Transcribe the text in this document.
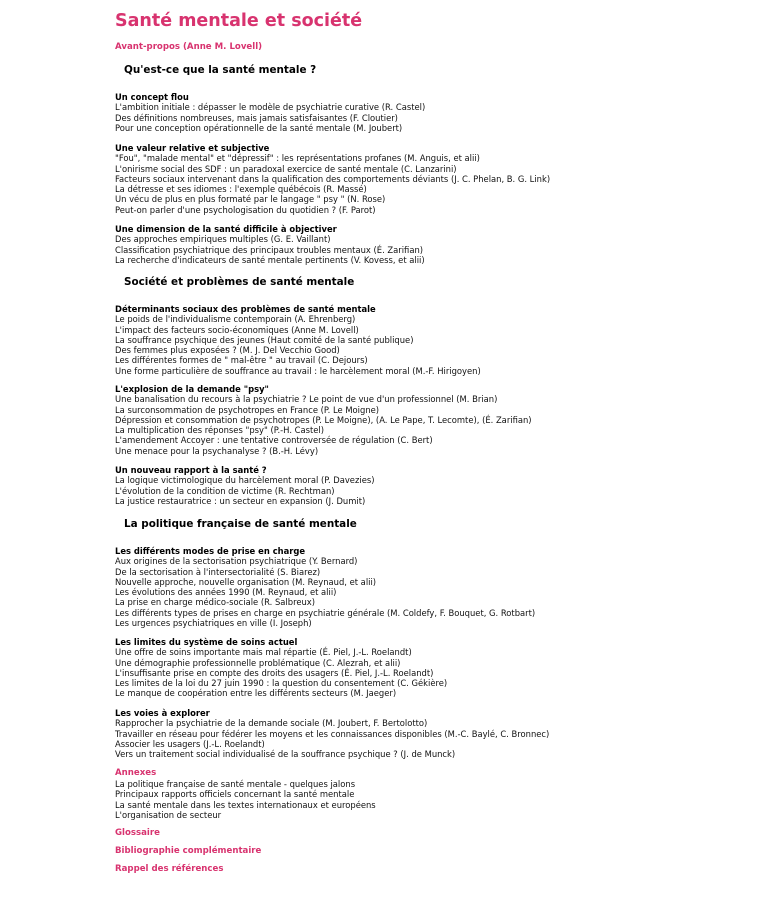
Santé mentale et société
Avant-propos (Anne M. Lovell)
Qu'est-ce que la santé mentale ?
Un concept flou
L'ambition initiale : dépasser le modèle de psychiatrie curative (R. Castel)
Des définitions nombreuses, mais jamais satisfaisantes (F. Cloutier)
Pour une conception opérationnelle de la santé mentale (M. Joubert)
Une valeur relative et subjective
"Fou", "malade mental" et "dépressif" : les représentations profanes (M. Anguis, et alii)
L'onirisme social des SDF : un paradoxal exercice de santé mentale (C. Lanzarini)
Facteurs sociaux intervenant dans la qualification des comportements déviants (J. C. Phelan, B. G. Link)
La détresse et ses idiomes : l'exemple québécois (R. Massé)
Un vécu de plus en plus formaté par le langage " psy " (N. Rose)
Peut-on parler d'une psychologisation du quotidien ? (F. Parot)
Une dimension de la santé difficile à objectiver
Des approches empiriques multiples (G. E. Vaillant)
Classification psychiatrique des principaux troubles mentaux (É. Zarifian)
La recherche d'indicateurs de santé mentale pertinents (V. Kovess, et alii)
Société et problèmes de santé mentale
Déterminants sociaux des problèmes de santé mentale
Le poids de l'individualisme contemporain (A. Ehrenberg)
L'impact des facteurs socio-économiques (Anne M. Lovell)
La souffrance psychique des jeunes (Haut comité de la santé publique)
Des femmes plus exposées ? (M. J. Del Vecchio Good)
Les différentes formes de " mal-être " au travail (C. Dejours)
Une forme particulière de souffrance au travail : le harcèlement moral (M.-F. Hirigoyen)
L'explosion de la demande "psy"
Une banalisation du recours à la psychiatrie ? Le point de vue d'un professionnel (M. Brian)
La surconsommation de psychotropes en France (P. Le Moigne)
Dépression et consommation de psychotropes (P. Le Moigne), (A. Le Pape, T. Lecomte), (É. Zarifian)
La multiplication des réponses "psy" (P.-H. Castel)
L'amendement Accoyer : une tentative controversée de régulation (C. Bert)
Une menace pour la psychanalyse ? (B.-H. Lévy)
Un nouveau rapport à la santé ?
La logique victimologique du harcèlement moral (P. Davezies)
L'évolution de la condition de victime (R. Rechtman)
La justice restauratrice : un secteur en expansion (J. Dumit)
La politique française de santé mentale
Les différents modes de prise en charge
Aux origines de la sectorisation psychiatrique (Y. Bernard)
De la sectorisation à l'intersectorialité (S. Biarez)
Nouvelle approche, nouvelle organisation (M. Reynaud, et alii)
Les évolutions des années 1990 (M. Reynaud, et alii)
La prise en charge médico-sociale (R. Salbreux)
Les différents types de prises en charge en psychiatrie générale (M. Coldefy, F. Bouquet, G. Rotbart)
Les urgences psychiatriques en ville (I. Joseph)
Les limites du système de soins actuel
Une offre de soins importante mais mal répartie (É. Piel, J.-L. Roelandt)
Une démographie professionnelle problématique (C. Alezrah, et alii)
L'insuffisante prise en compte des droits des usagers (É. Piel, J.-L. Roelandt)
Les limites de la loi du 27 juin 1990 : la question du consentement (C. Gékière)
Le manque de coopération entre les différents secteurs (M. Jaeger)
Les voies à explorer
Rapprocher la psychiatrie de la demande sociale (M. Joubert, F. Bertolotto)
Travailler en réseau pour fédérer les moyens et les connaissances disponibles (M.-C. Baylé, C. Bronnec)
Associer les usagers (J.-L. Roelandt)
Vers un traitement social individualisé de la souffrance psychique ? (J. de Munck)
Annexes
La politique française de santé mentale - quelques jalons
Principaux rapports officiels concernant la santé mentale
La santé mentale dans les textes internationaux et européens
L'organisation de secteur
Glossaire
Bibliographie complémentaire
Rappel des références
